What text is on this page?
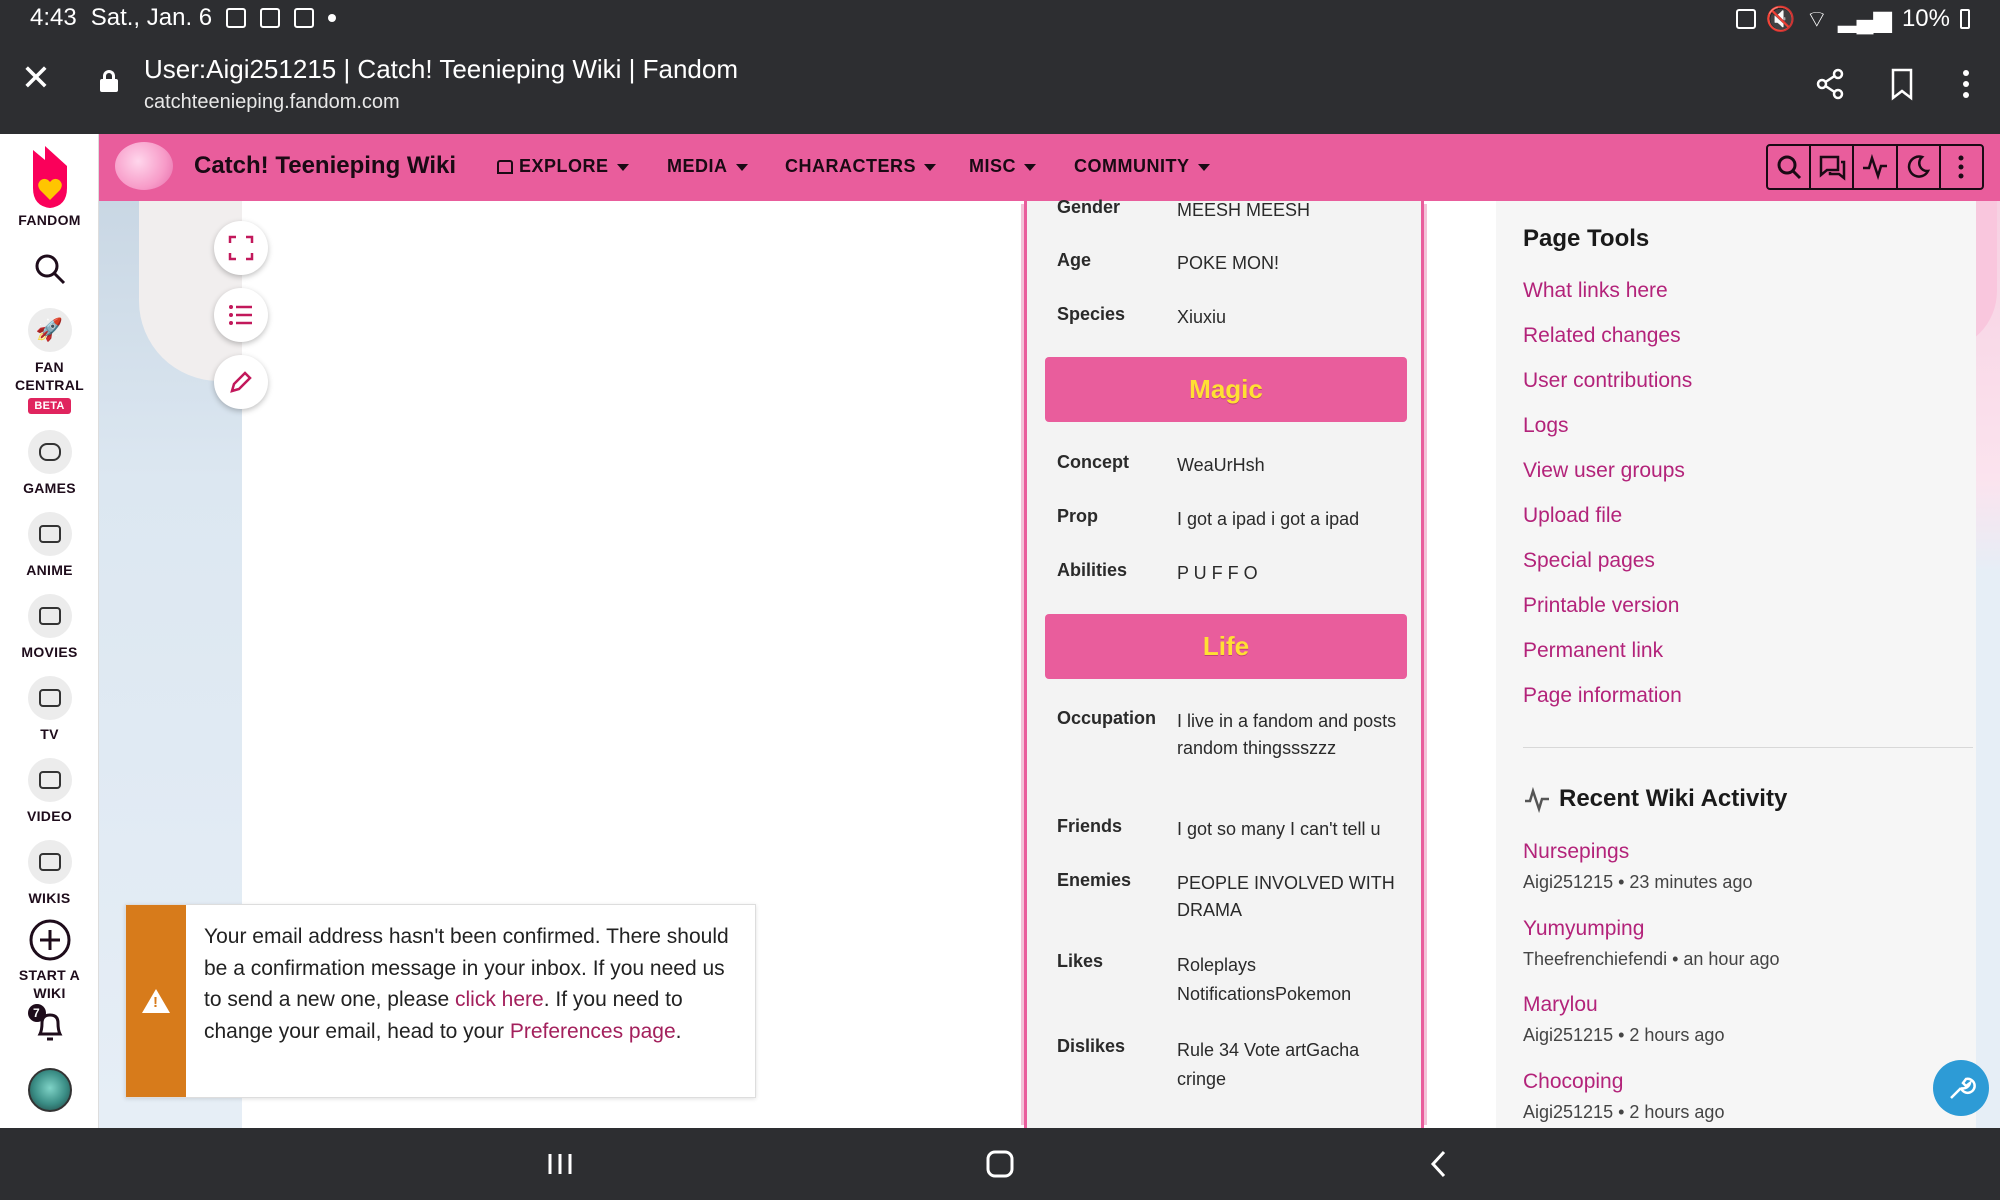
4:43 Sat., Jan. 6	🔇 ⌔ ▂▄▆ 10%
✕	User:Aigi251215 | Catch! Teenieping Wiki | Fandom
catchteenieping.fandom.com
FANDOM
🚀
FAN CENTRAL
BETA
GAMES
ANIME
MOVIES
TV
VIDEO
WIKIS
START A WIKI
7
Catch! Teenieping Wiki	EXPLORE	MEDIA	CHARACTERS	MISC	COMMUNITY
Gender	MEESH MEESH
Age	POKE MON!
Species	Xiuxiu
Magic
Concept	WeaUrHsh
Prop	I got a ipad i got a ipad
Abilities	P U F F O
Life
Occupation	I live in a fandom and posts random thingssszzz
Friends	I got so many I can't tell u
Enemies	PEOPLE INVOLVED WITH DRAMA
Likes	Roleplays NotificationsPokemon
Dislikes	Rule 34 Vote artGacha cringe
Page Tools
What links here
Related changes
User contributions
Logs
View user groups
Upload file
Special pages
Printable version
Permanent link
Page information
Recent Wiki Activity
Nursepings
Aigi251215 • 23 minutes ago
Yumyumping
Theefrenchiefendi • an hour ago
Marylou
Aigi251215 • 2 hours ago
Chocoping
Aigi251215 • 2 hours ago
!
Your email address hasn't been confirmed. There should be a confirmation message in your inbox. If you need us to send a new one, please click here. If you need to change your email, head to your Preferences page.
